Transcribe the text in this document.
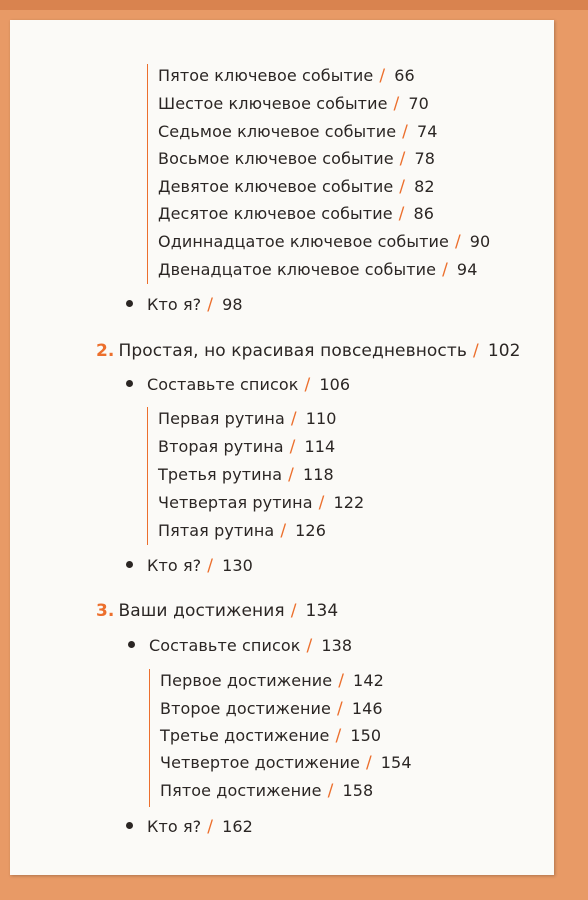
Пятое ключевое событие / 66
Шестое ключевое событие / 70
Седьмое ключевое событие / 74
Восьмое ключевое событие / 78
Девятое ключевое событие / 82
Десятое ключевое событие / 86
Одиннадцатое ключевое событие / 90
Двенадцатое ключевое событие / 94
Кто я? / 98
2. Простая, но красивая повседневность / 102
Составьте список / 106
Первая рутина / 110
Вторая рутина / 114
Третья рутина / 118
Четвертая рутина / 122
Пятая рутина / 126
Кто я? / 130
3. Ваши достижения / 134
Составьте список / 138
Первое достижение / 142
Второе достижение / 146
Третье достижение / 150
Четвертое достижение / 154
Пятое достижение / 158
Кто я? / 162
